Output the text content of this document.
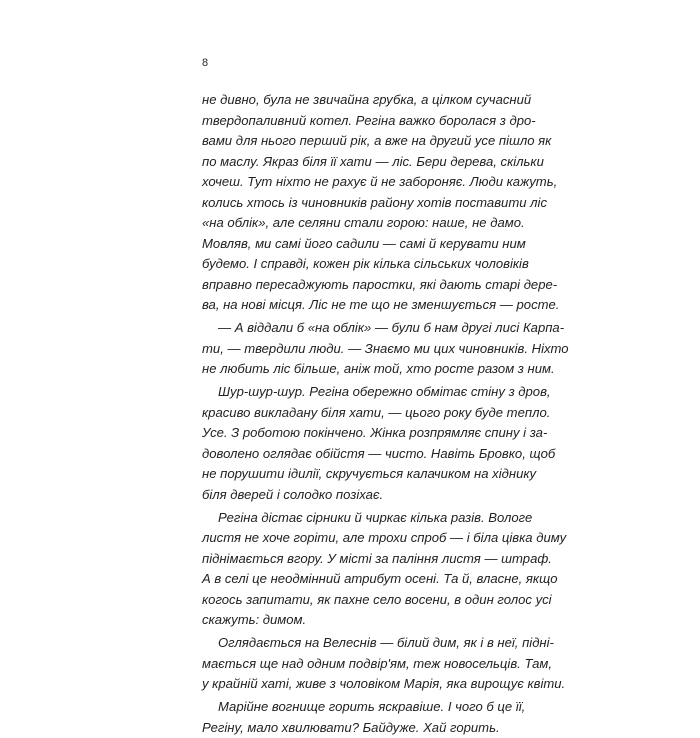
8
не дивно, була не звичайна грубка, а цілком сучасний
твердопаливний котел. Регіна важко боролася з дро-
вами для нього перший рік, а вже на другий усе пішло як
по маслу. Якраз біля її хати — ліс. Бери дерева, скільки
хочеш. Тут ніхто не рахує й не забороняє. Люди кажуть,
колись хтось із чиновників району хотів поставити ліс
«на облік», але селяни стали горою: наше, не дамо.
Мовляв, ми самі його садили — самі й керувати ним
будемо. І справді, кожен рік кілька сільських чоловіків
вправно пересаджують паростки, які дають старі дере-
ва, на нові місця. Ліс не те що не зменшується — росте.
— А віддали б «на облік» — були б нам другі лисі Карпа-
ти, — твердили люди. — Знаємо ми цих чиновників. Ніхто
не любить ліс більше, аніж той, хто росте разом з ним.
Шур-шур-шур. Регіна обережно обмітає стіну з дров,
красиво викладану біля хати, — цього року буде тепло.
Усе. З роботою покінчено. Жінка розпрямляє спину і за-
доволено оглядає обійстя — чисто. Навіть Бровко, щоб
не порушити ідилії, скручується калачиком на хіднику
біля дверей і солодко позіхає.
Регіна дістає сірники й чиркає кілька разів. Вологе
листя не хоче горіти, але трохи спроб — і біла цівка диму
піднімається вгору. У місті за паління листя — штраф.
А в селі це неодмінний атрибут осені. Та й, власне, якщо
когось запитати, як пахне село восени, в один голос усі
скажуть: димом.
Оглядається на Велеснів — білий дим, як і в неї, підні-
мається ще над одним подвір'ям, теж новосельців. Там,
у крайній хаті, живе з чоловіком Марія, яка вирощує квіти.
Марійне вогнище горить яскравіше. І чого б це її,
Регіну, мало хвилювати? Байдуже. Хай горить.
